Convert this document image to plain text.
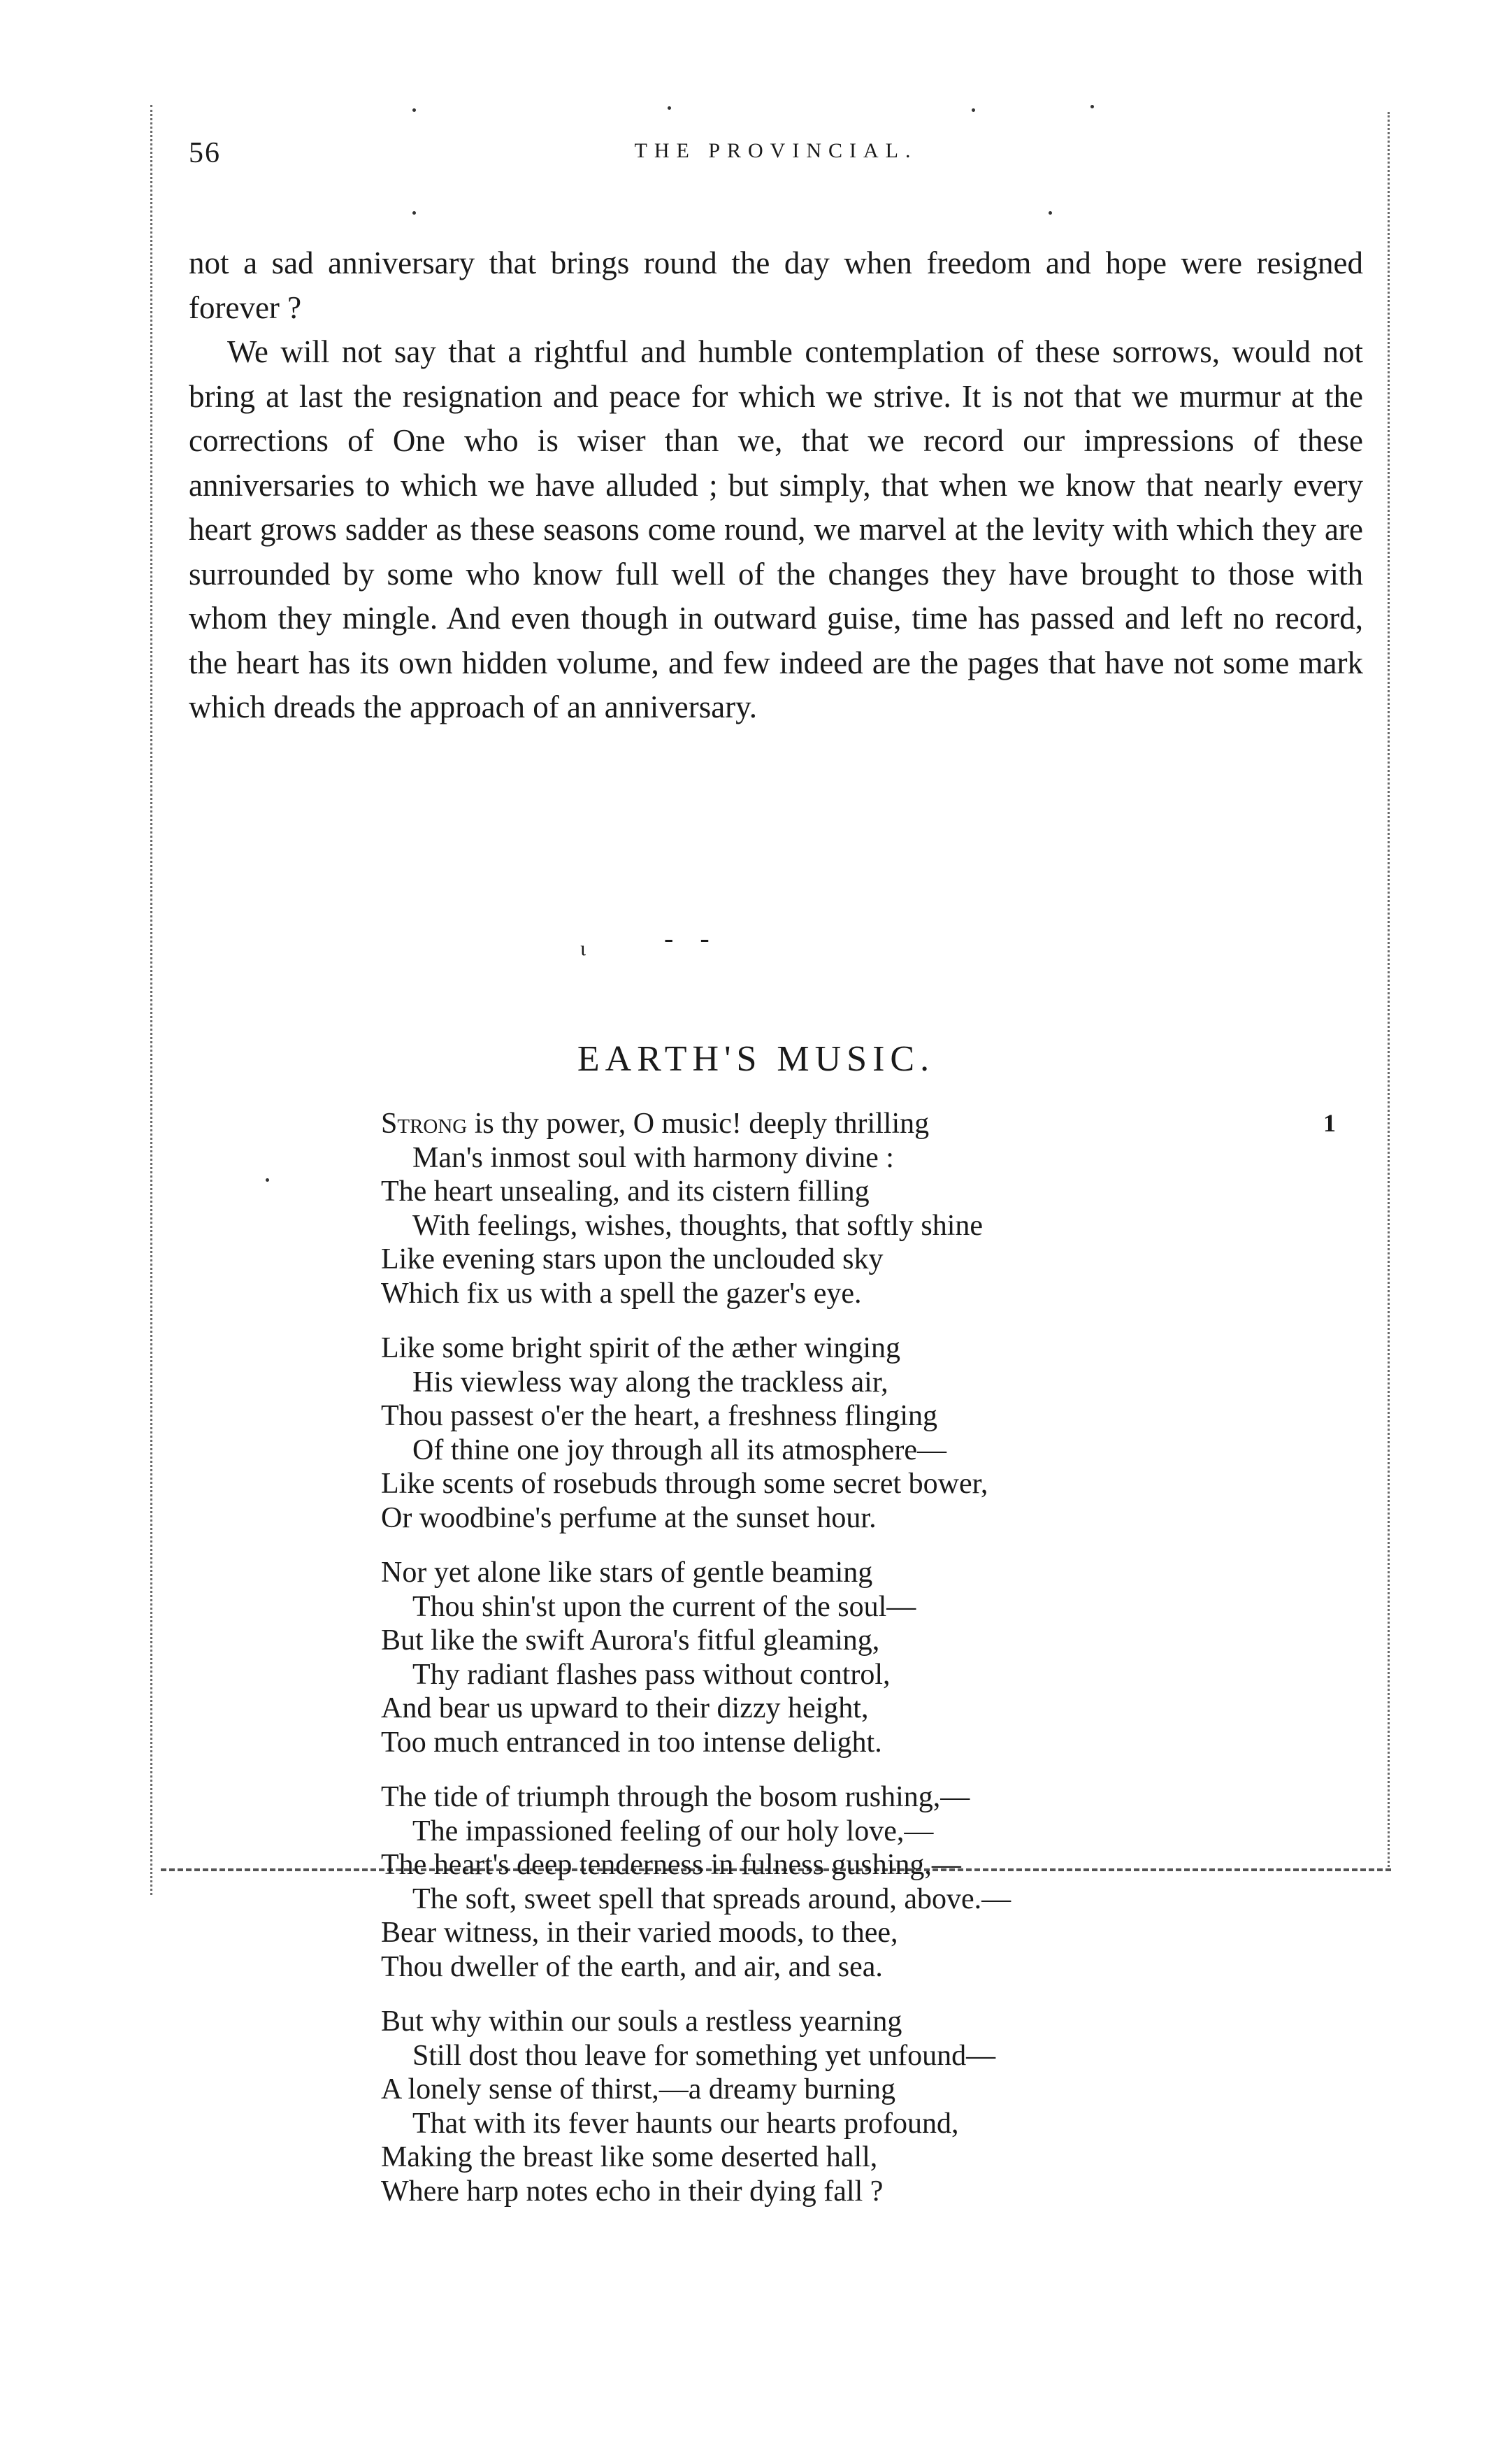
56	THE PROVINCIAL.

not a sad anniversary that brings round the day when freedom and hope were resigned forever ?

We will not say that a rightful and humble contemplation of these sorrows, would not bring at last the resignation and peace for which we strive. It is not that we murmur at the corrections of One who is wiser than we, that we record our impressions of these anniversaries to which we have alluded ; but simply, that when we know that nearly every heart grows sadder as these seasons come round, we marvel at the levity with which they are surrounded by some who know full well of the changes they have brought to those with whom they mingle. And even though in outward guise, time has passed and left no record, the heart has its own hidden volume, and few indeed are the pages that have not some mark which dreads the approach of an anniversary.

- -
ι
EARTH'S MUSIC.
1
Strong is thy power, O music! deeply thrilling
Man's inmost soul with harmony divine :
The heart unsealing, and its cistern filling
With feelings, wishes, thoughts, that softly shine
Like evening stars upon the unclouded sky
Which fix us with a spell the gazer's eye.
Like some bright spirit of the æther winging
His viewless way along the trackless air,
Thou passest o'er the heart, a freshness flinging
Of thine one joy through all its atmosphere—
Like scents of rosebuds through some secret bower,
Or woodbine's perfume at the sunset hour.
Nor yet alone like stars of gentle beaming
Thou shin'st upon the current of the soul—
But like the swift Aurora's fitful gleaming,
Thy radiant flashes pass without control,
And bear us upward to their dizzy height,
Too much entranced in too intense delight.
The tide of triumph through the bosom rushing,—
The impassioned feeling of our holy love,—
The heart's deep tenderness in fulness gushing,—
The soft, sweet spell that spreads around, above.—
Bear witness, in their varied moods, to thee,
Thou dweller of the earth, and air, and sea.
But why within our souls a restless yearning
Still dost thou leave for something yet unfound—
A lonely sense of thirst,—a dreamy burning
That with its fever haunts our hearts profound,
Making the breast like some deserted hall,
Where harp notes echo in their dying fall ?
